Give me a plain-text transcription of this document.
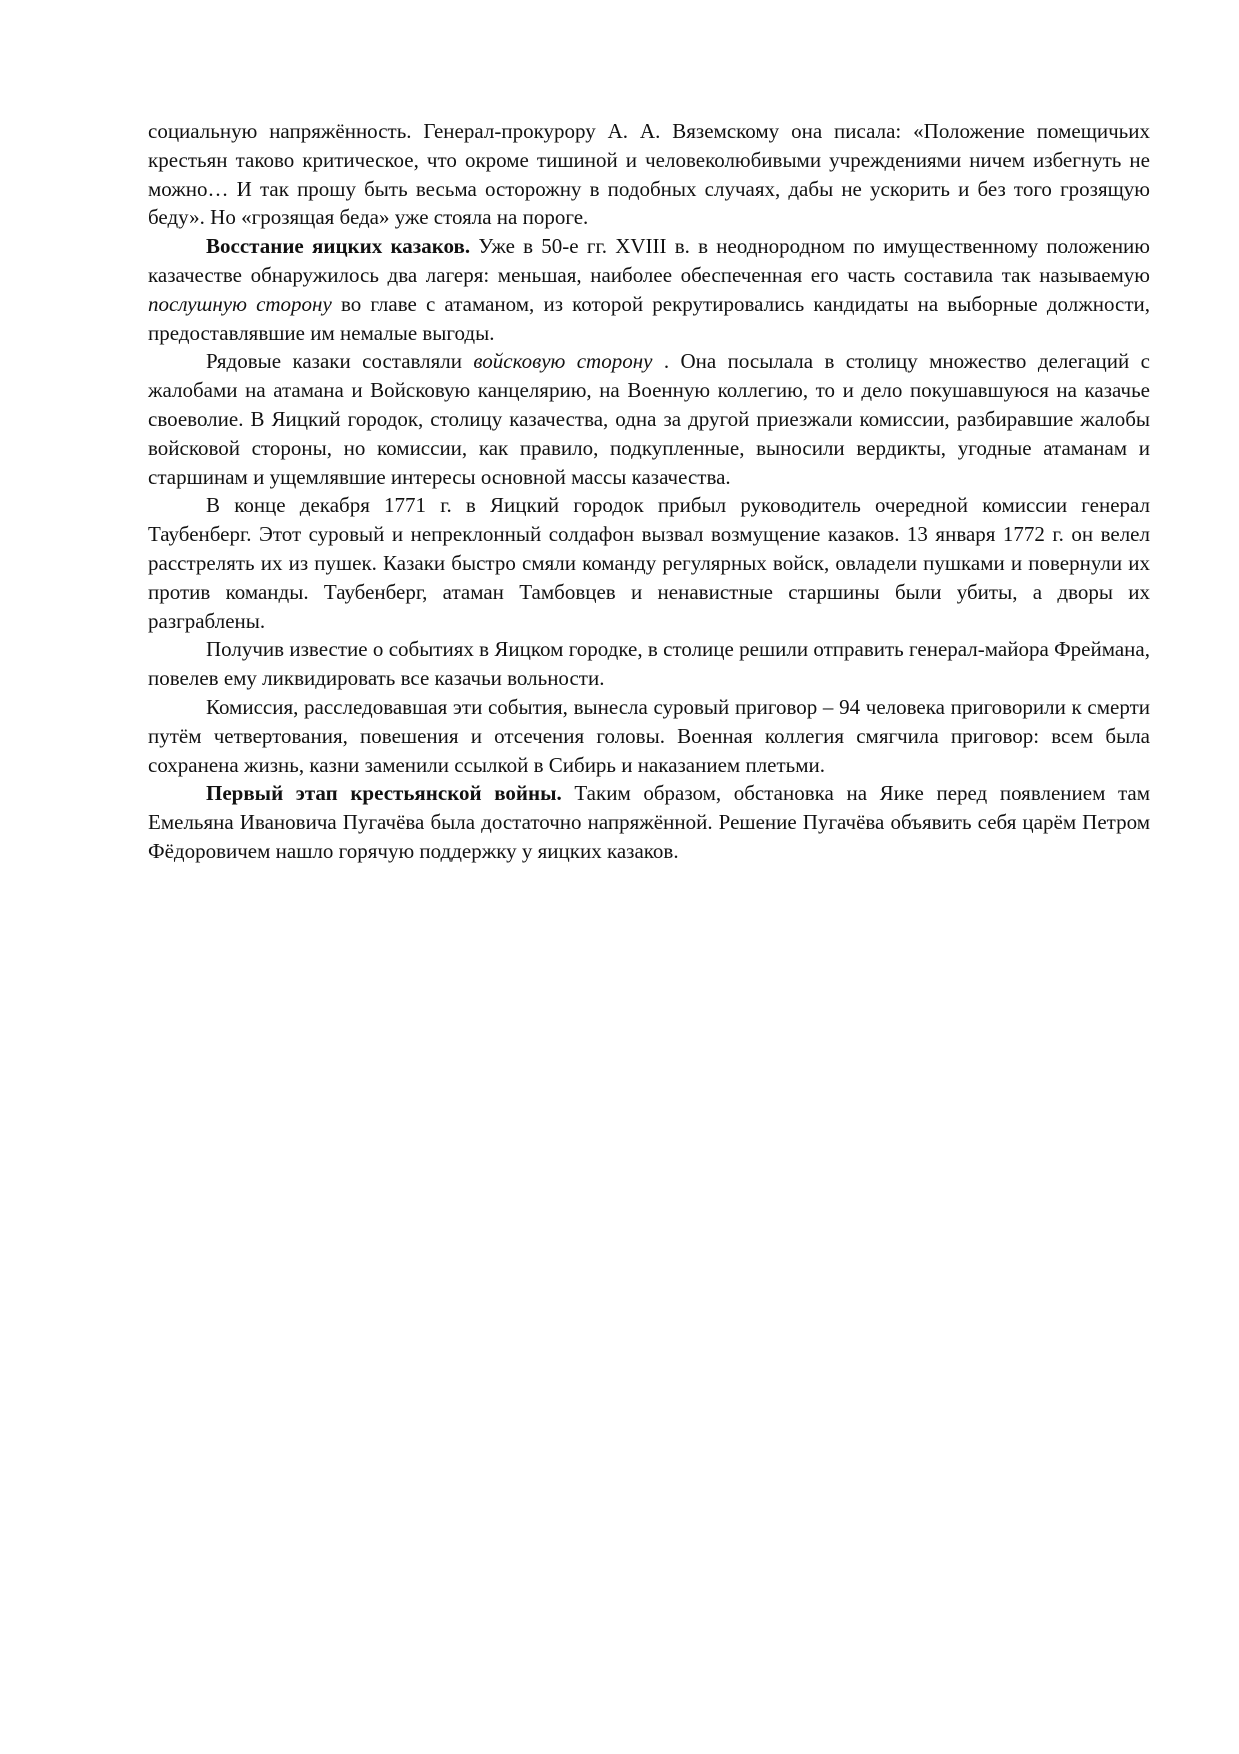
социальную напряжённость. Генерал-прокурору А. А. Вяземскому она писала: «Положение помещичьих крестьян таково критическое, что окроме тишиной и человеколюбивыми учреждениями ничем избегнуть не можно… И так прошу быть весьма осторожну в подобных случаях, дабы не ускорить и без того грозящую беду». Но «грозящая беда» уже стояла на пороге.

Восстание яицких казаков. Уже в 50-е гг. XVIII в. в неоднородном по имущественному положению казачестве обнаружилось два лагеря: меньшая, наиболее обеспеченная его часть составила так называемую послушную сторону во главе с атаманом, из которой рекрутировались кандидаты на выборные должности, предоставлявшие им немалые выгоды.

Рядовые казаки составляли войсковую сторону . Она посылала в столицу множество делегаций с жалобами на атамана и Войсковую канцелярию, на Военную коллегию, то и дело покушавшуюся на казачье своеволие. В Яицкий городок, столицу казачества, одна за другой приезжали комиссии, разбиравшие жалобы войсковой стороны, но комиссии, как правило, подкупленные, выносили вердикты, угодные атаманам и старшинам и ущемлявшие интересы основной массы казачества.

В конце декабря 1771 г. в Яицкий городок прибыл руководитель очередной комиссии генерал Таубенберг. Этот суровый и непреклонный солдафон вызвал возмущение казаков. 13 января 1772 г. он велел расстрелять их из пушек. Казаки быстро смяли команду регулярных войск, овладели пушками и повернули их против команды. Таубенберг, атаман Тамбовцев и ненавистные старшины были убиты, а дворы их разграблены.

Получив известие о событиях в Яицком городке, в столице решили отправить генерал-майора Фреймана, повелев ему ликвидировать все казачьи вольности.

Комиссия, расследовавшая эти события, вынесла суровый приговор – 94 человека приговорили к смерти путём четвертования, повешения и отсечения головы. Военная коллегия смягчила приговор: всем была сохранена жизнь, казни заменили ссылкой в Сибирь и наказанием плетьми.

Первый этап крестьянской войны. Таким образом, обстановка на Яике перед появлением там Емельяна Ивановича Пугачёва была достаточно напряжённой. Решение Пугачёва объявить себя царём Петром Фёдоровичем нашло горячую поддержку у яицких казаков.
